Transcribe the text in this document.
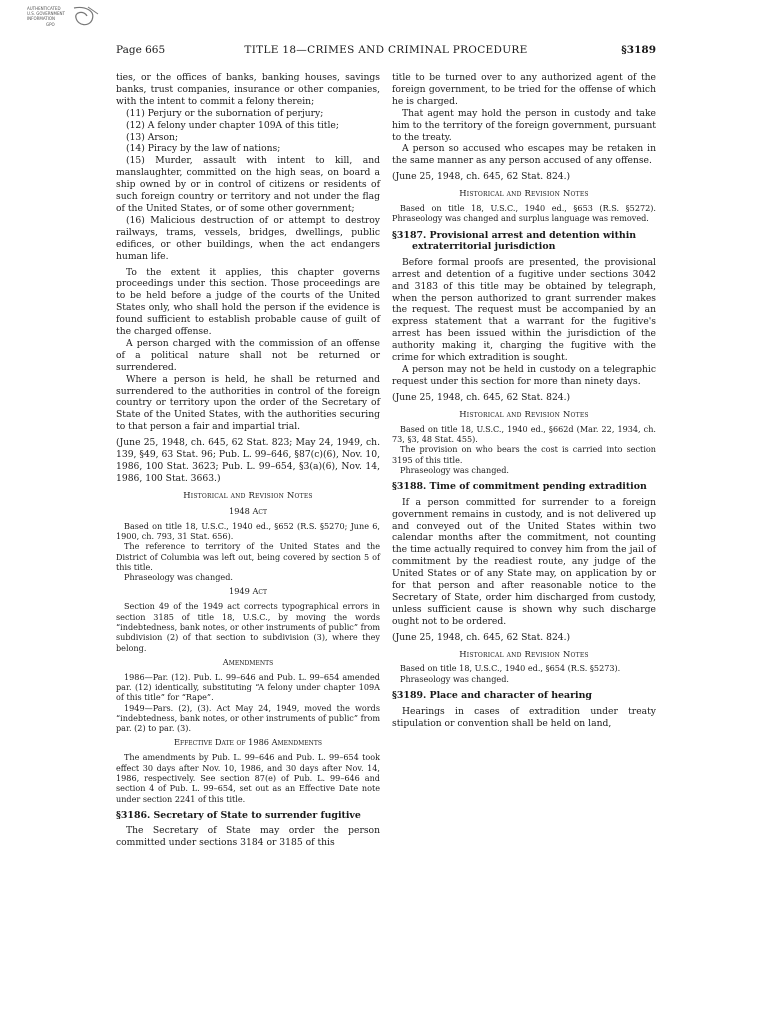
AUTHENTICATED
U.S. GOVERNMENT
INFORMATION
GPO
Page 665	TITLE 18—CRIMES AND CRIMINAL PROCEDURE	§3189

ties, or the offices of banks, banking houses, savings banks, trust companies, insurance or other companies, with the intent to commit a felony therein;

(11) Perjury or the subornation of perjury;

(12) A felony under chapter 109A of this title;

(13) Arson;

(14) Piracy by the law of nations;

(15) Murder, assault with intent to kill, and manslaughter, committed on the high seas, on board a ship owned by or in control of citizens or residents of such foreign country or territory and not under the flag of the United States, or of some other government;

(16) Malicious destruction of or attempt to destroy railways, trams, vessels, bridges, dwellings, public edifices, or other buildings, when the act endangers human life.

To the extent it applies, this chapter governs proceedings under this section. Those proceedings are to be held before a judge of the courts of the United States only, who shall hold the person if the evidence is found sufficient to establish probable cause of guilt of the charged offense.

A person charged with the commission of an offense of a political nature shall not be returned or surrendered.

Where a person is held, he shall be returned and surrendered to the authorities in control of the foreign country or territory upon the order of the Secretary of State of the United States, with the authorities securing to that person a fair and impartial trial.

(June 25, 1948, ch. 645, 62 Stat. 823; May 24, 1949, ch. 139, §49, 63 Stat. 96; Pub. L. 99–646, §87(c)(6), Nov. 10, 1986, 100 Stat. 3623; Pub. L. 99–654, §3(a)(6), Nov. 14, 1986, 100 Stat. 3663.)

Historical and Revision Notes
1948 Act

Based on title 18, U.S.C., 1940 ed., §652 (R.S. §5270; June 6, 1900, ch. 793, 31 Stat. 656).

The reference to territory of the United States and the District of Columbia was left out, being covered by section 5 of this title.

Phraseology was changed.

1949 Act

Section 49 of the 1949 act corrects typographical errors in section 3185 of title 18, U.S.C., by moving the words “indebtedness, bank notes, or other instruments of public” from subdivision (2) of that section to subdivision (3), where they belong.

Amendments

1986—Par. (12). Pub. L. 99–646 and Pub. L. 99–654 amended par. (12) identically, substituting “A felony under chapter 109A of this title” for “Rape”.

1949—Pars. (2), (3). Act May 24, 1949, moved the words “indebtedness, bank notes, or other instruments of public” from par. (2) to par. (3).

Effective Date of 1986 Amendments

The amendments by Pub. L. 99–646 and Pub. L. 99–654 took effect 30 days after Nov. 10, 1986, and 30 days after Nov. 14, 1986, respectively. See section 87(e) of Pub. L. 99–646 and section 4 of Pub. L. 99–654, set out as an Effective Date note under section 2241 of this title.

§3186. Secretary of State to surrender fugitive

The Secretary of State may order the person committed under sections 3184 or 3185 of this

title to be turned over to any authorized agent of the foreign government, to be tried for the offense of which he is charged.

That agent may hold the person in custody and take him to the territory of the foreign government, pursuant to the treaty.

A person so accused who escapes may be retaken in the same manner as any person accused of any offense.

(June 25, 1948, ch. 645, 62 Stat. 824.)

Historical and Revision Notes

Based on title 18, U.S.C., 1940 ed., §653 (R.S. §5272). Phraseology was changed and surplus language was removed.

§3187. Provisional arrest and detention within extraterritorial jurisdiction

Before formal proofs are presented, the provisional arrest and detention of a fugitive under sections 3042 and 3183 of this title may be obtained by telegraph, when the person authorized to grant surrender makes the request. The request must be accompanied by an express statement that a warrant for the fugitive's arrest has been issued within the jurisdiction of the authority making it, charging the fugitive with the crime for which extradition is sought.

A person may not be held in custody on a telegraphic request under this section for more than ninety days.

(June 25, 1948, ch. 645, 62 Stat. 824.)

Historical and Revision Notes

Based on title 18, U.S.C., 1940 ed., §662d (Mar. 22, 1934, ch. 73, §3, 48 Stat. 455).

The provision on who bears the cost is carried into section 3195 of this title.

Phraseology was changed.

§3188. Time of commitment pending extradition

If a person committed for surrender to a foreign government remains in custody, and is not delivered up and conveyed out of the United States within two calendar months after the commitment, not counting the time actually required to convey him from the jail of commitment by the readiest route, any judge of the United States or of any State may, on application by or for that person and after reasonable notice to the Secretary of State, order him discharged from custody, unless sufficient cause is shown why such discharge ought not to be ordered.

(June 25, 1948, ch. 645, 62 Stat. 824.)

Historical and Revision Notes

Based on title 18, U.S.C., 1940 ed., §654 (R.S. §5273).

Phraseology was changed.

§3189. Place and character of hearing

Hearings in cases of extradition under treaty stipulation or convention shall be held on land,
